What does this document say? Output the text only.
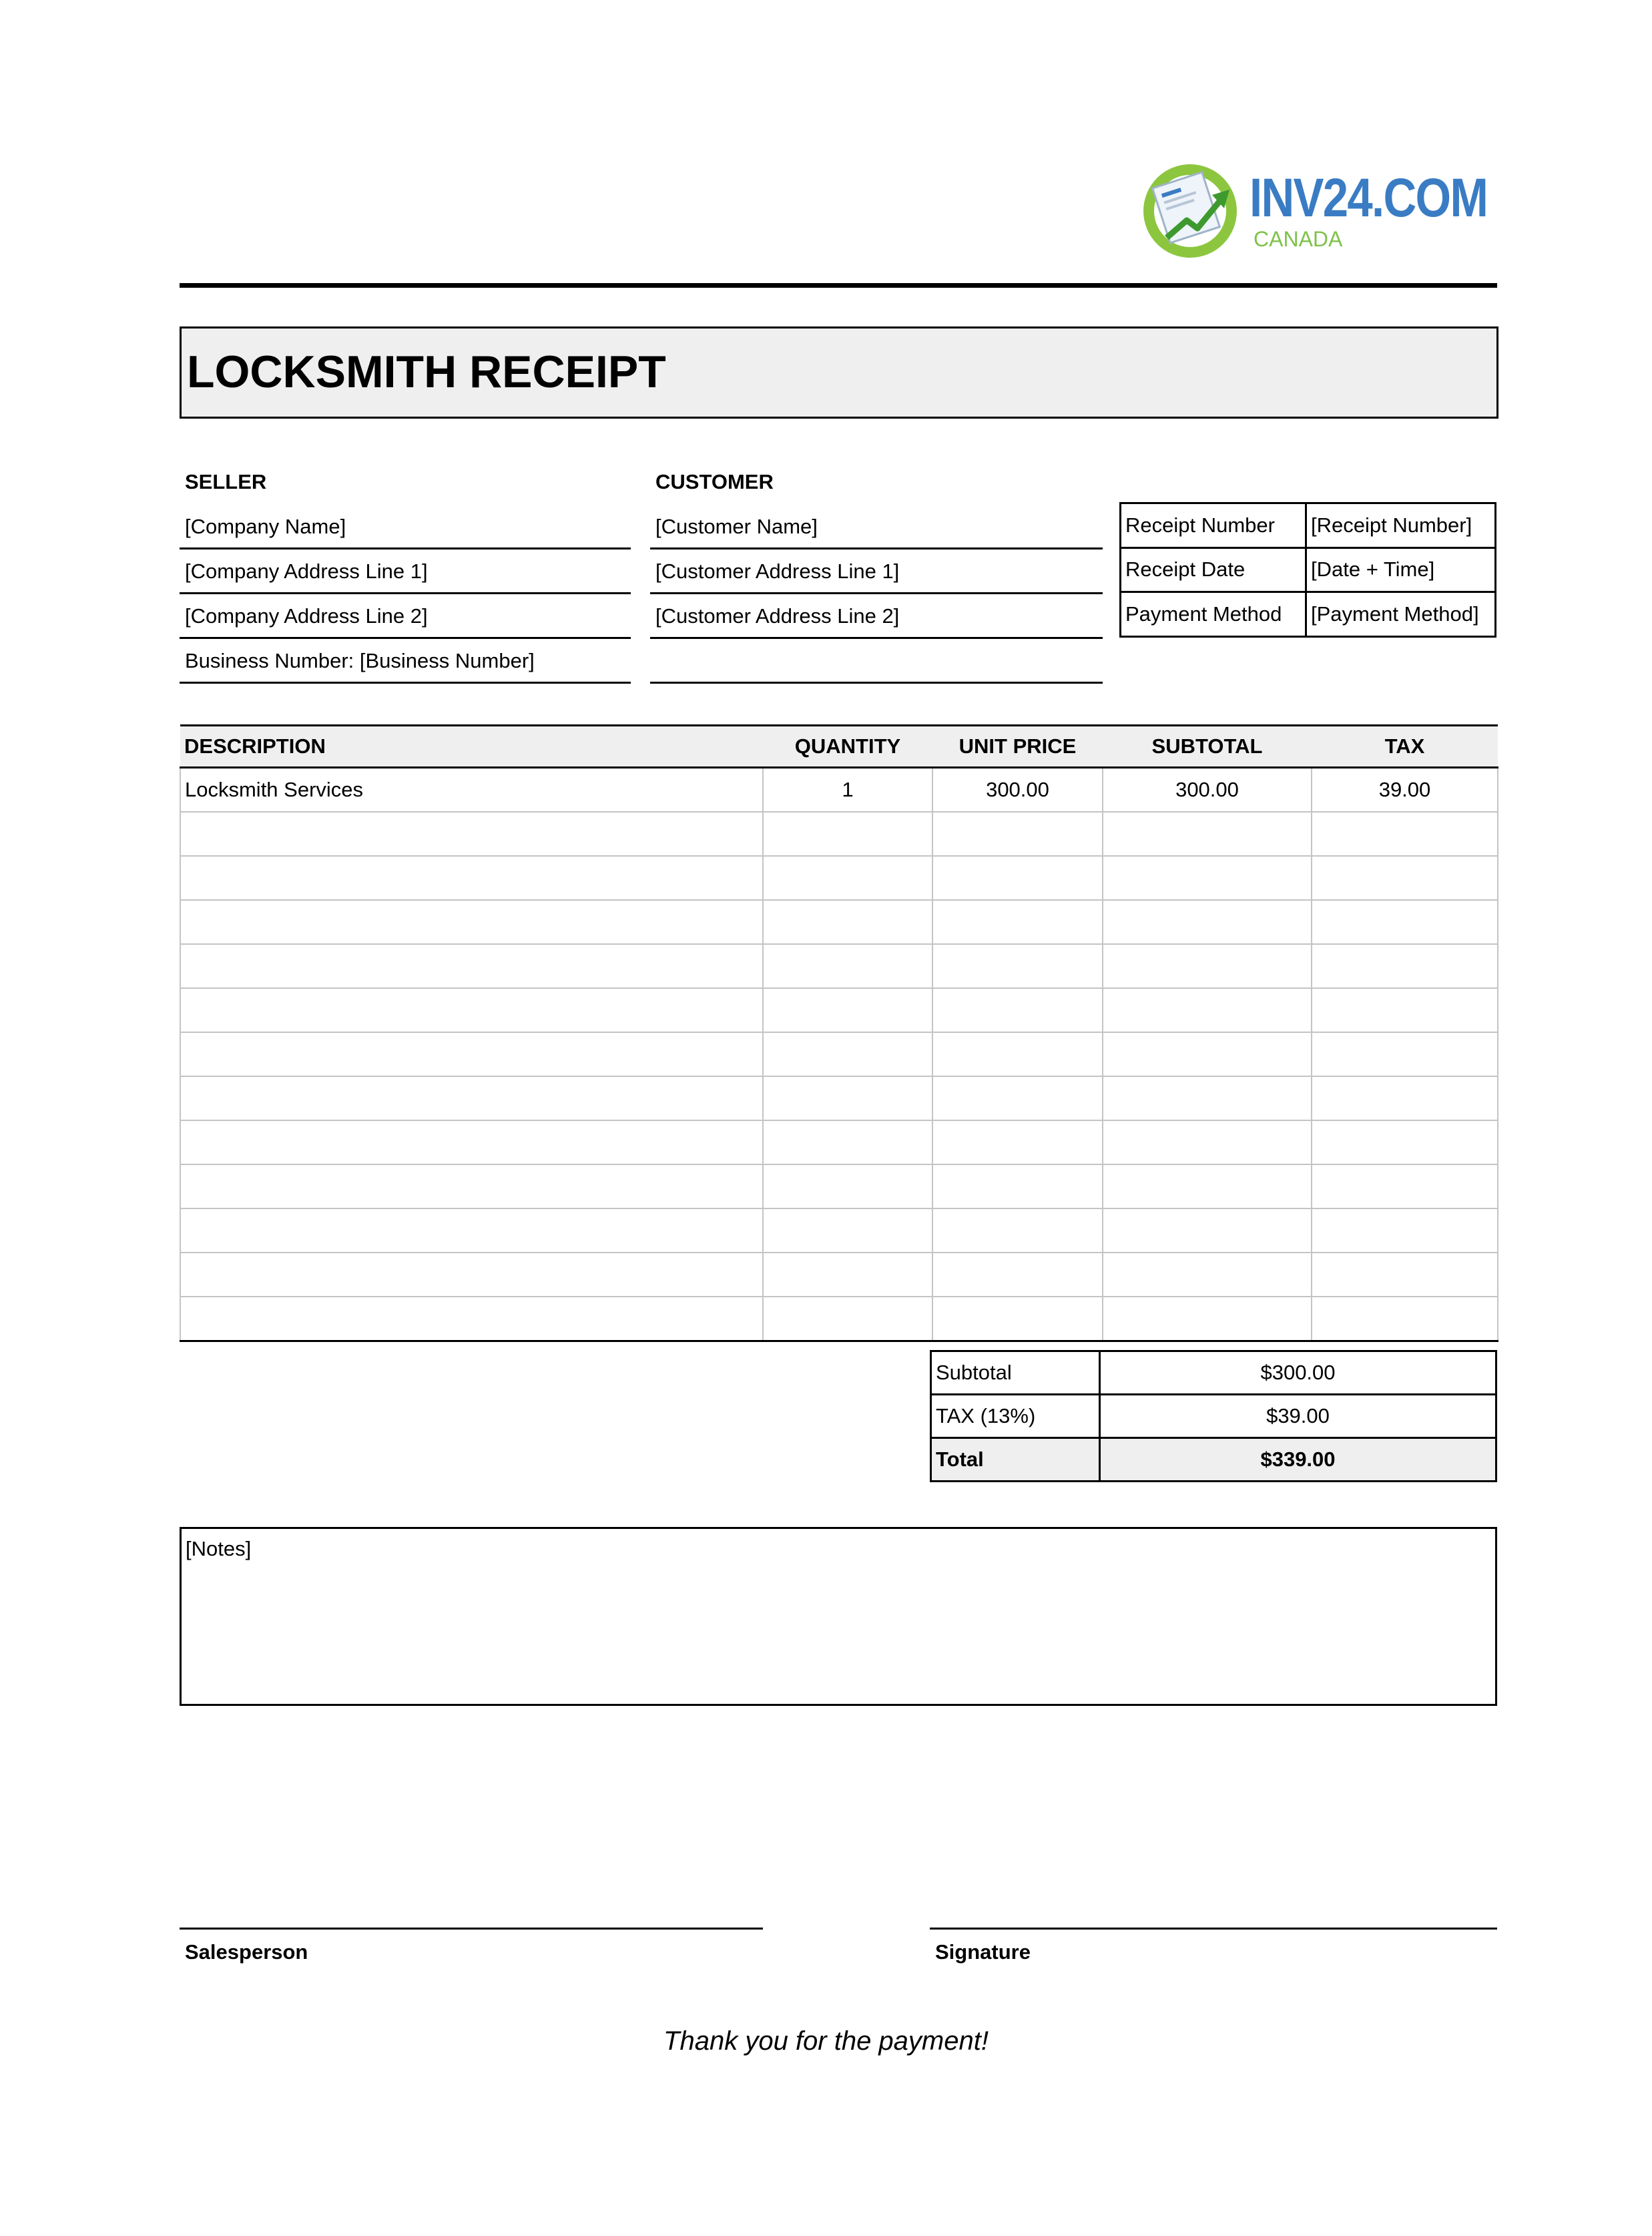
INV24.COM
CANADA
LOCKSMITH RECEIPT
SELLER
[Company Name]
[Company Address Line 1]
[Company Address Line 2]
Business Number: [Business Number]
CUSTOMER
[Customer Name]
[Customer Address Line 1]
[Customer Address Line 2]
Receipt Number	[Receipt Number]
Receipt Date	[Date + Time]
Payment Method	[Payment Method]
DESCRIPTION	QUANTITY	UNIT PRICE	SUBTOTAL	TAX
Locksmith Services	1	300.00	300.00	39.00

Subtotal	$300.00
TAX (13%)	$39.00
Total	$339.00
[Notes]
Salesperson	Signature
Thank you for the payment!
